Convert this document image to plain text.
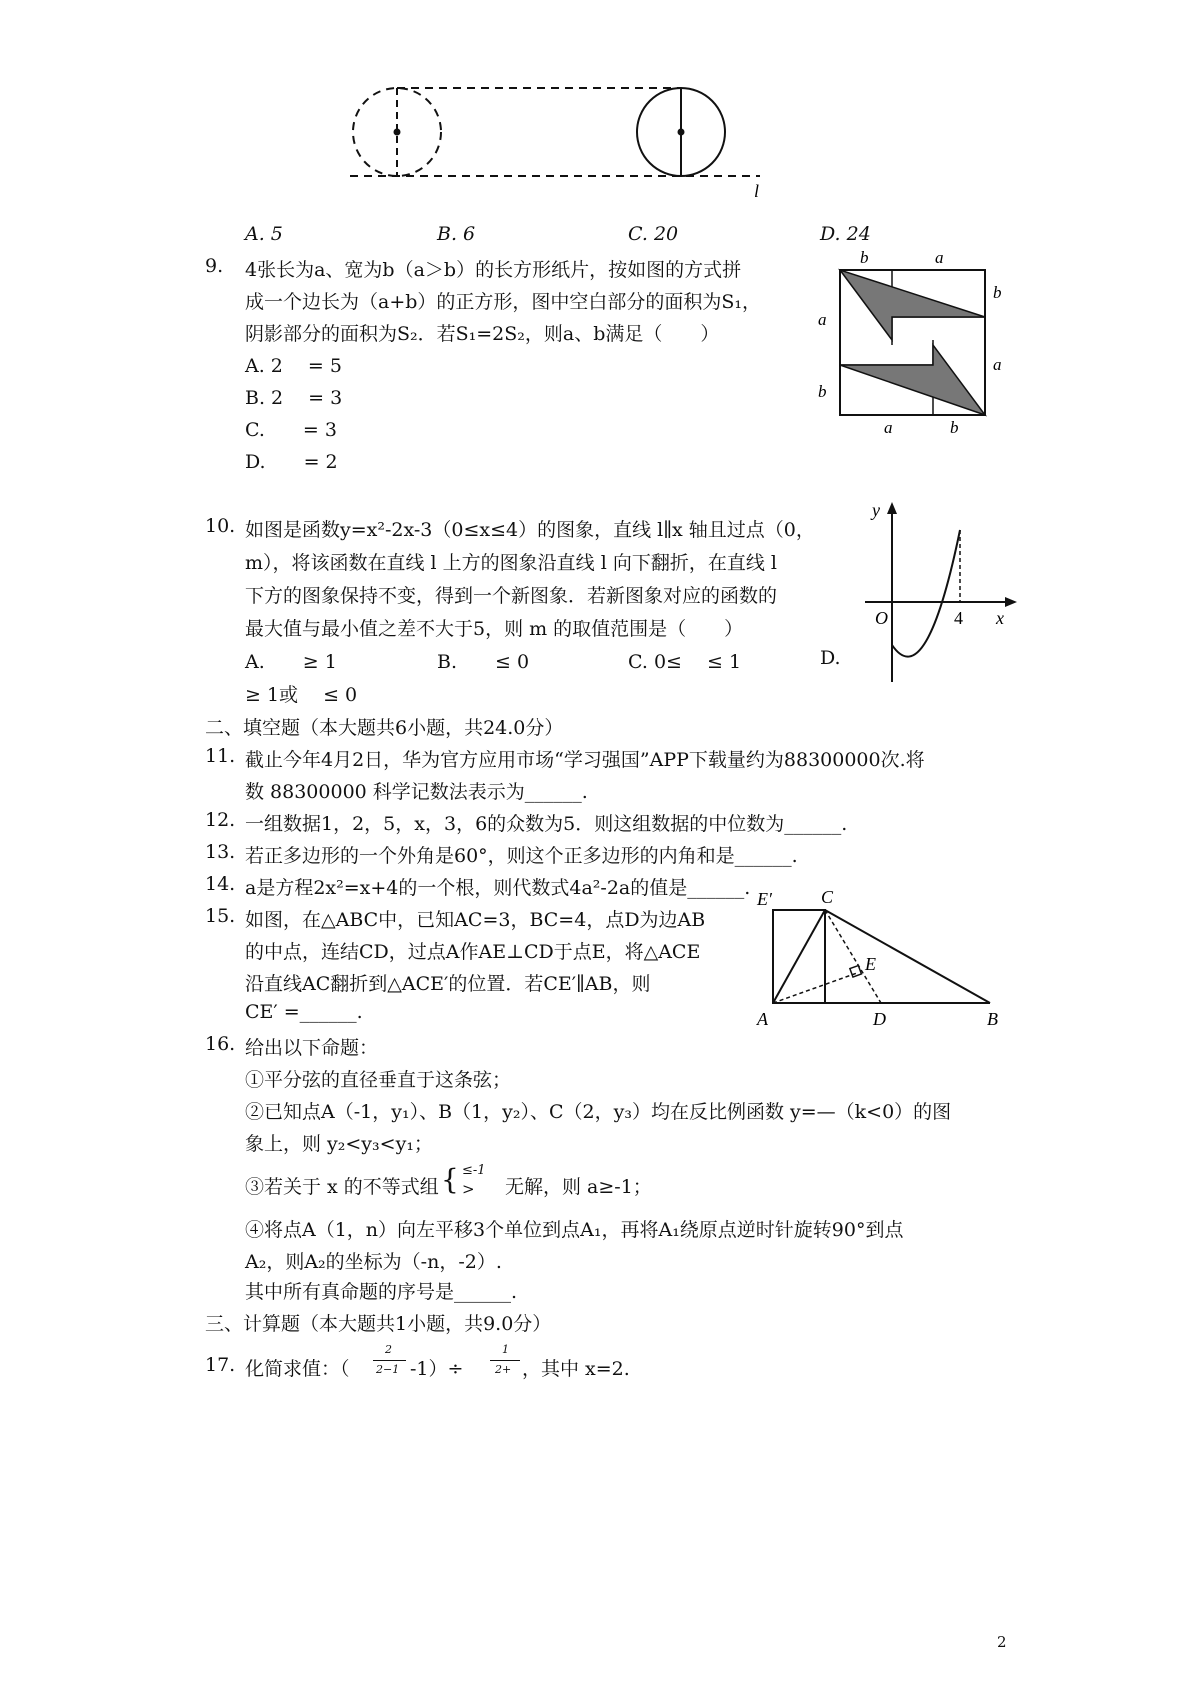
l
A. 5	B. 6	C. 20	D. 24
9. 4张长为a、宽为b（a＞b）的长方形纸片，按如图的方式拼
成一个边长为（a+b）的正方形，图中空白部分的面积为S₁，
阴影部分的面积为S₂．若S₁=2S₂，则a、b满足（　　）
A. 2　 = 5
B. 2　 = 3
C.　　= 3
D.　　= 2
b	a
b
a
a
b
a	b
10. 如图是函数y=x²-2x-3（0≤x≤4）的图象，直线 l∥x 轴且过点（0，
m），将该函数在直线 l 上方的图象沿直线 l 向下翻折，在直线 l
下方的图象保持不变，得到一个新图象．若新图象对应的函数的
最大值与最小值之差不大于5，则 m 的取值范围是（　　）
A.　　≥ 1	B.　　≤ 0	C. 0≤　 ≤ 1	D.
≥ 1或　 ≤ 0
y
O	4 x
二、填空题（本大题共6小题，共24.0分）
11. 截止今年4月2日，华为官方应用市场“学习强国”APP下载量约为88300000次.将
数 88300000 科学记数法表示为______.
12. 一组数据1，2，5，x，3，6的众数为5．则这组数据的中位数为______.
13. 若正多边形的一个外角是60°，则这个正多边形的内角和是______.
14. a是方程2x²=x+4的一个根，则代数式4a²-2a的值是______.
15. 如图，在△ABC中，已知AC=3，BC=4，点D为边AB
的中点，连结CD，过点A作AE⊥CD于点E，将△ACE
沿直线AC翻折到△ACE′的位置．若CE′∥AB，则
CE′ =______.
E′	C
E
A	D	B
16. 给出以下命题：
①平分弦的直径垂直于这条弦；
②已知点A（-1，y₁）、B（1，y₂）、C（2，y₃）均在反比例函数 y=—（k<0）的图
象上，则 y₂<y₃<y₁；
③若关于 x 的不等式组 { ≤-1
> 无解，则 a≥-1；
④将点A（1，n）向左平移3个单位到点A₁，再将A₁绕原点逆时针旋转90°到点
A₂，则A₂的坐标为（-n，-2）.
其中所有真命题的序号是______.
三、计算题（本大题共1小题，共9.0分）
17. 化简求值：（
2
2−1 -1）÷
1
2+ ，其中 x=2.
2
